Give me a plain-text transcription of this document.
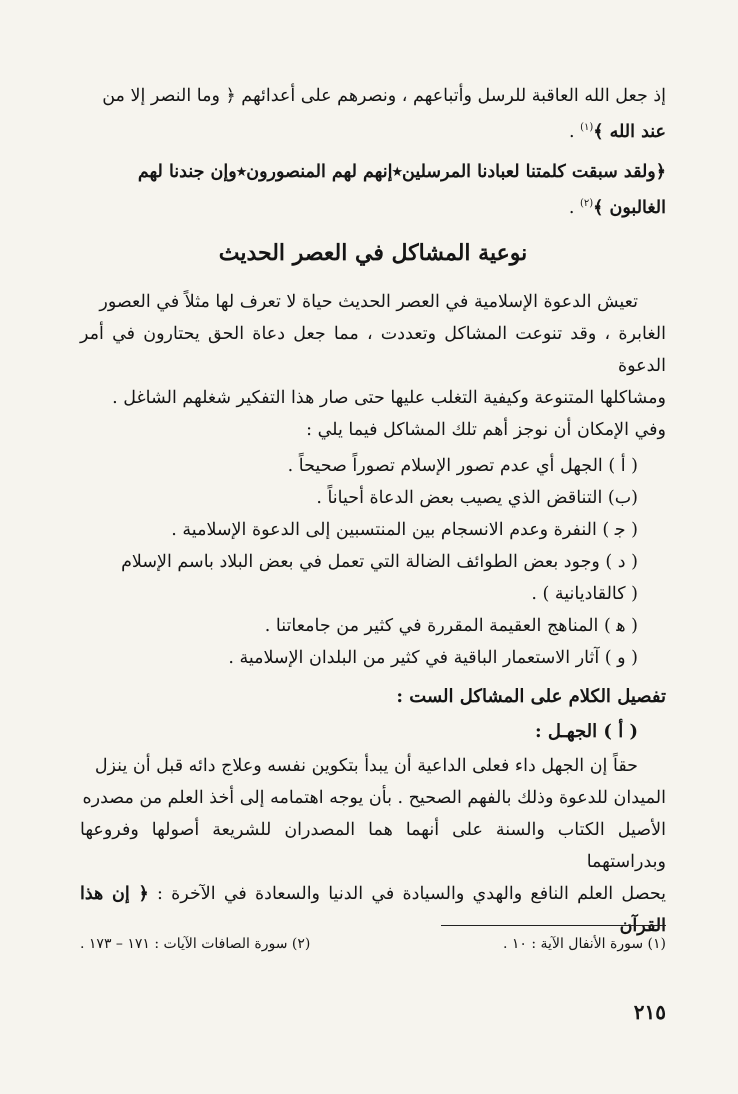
إذ جعل الله العاقبة للرسل وأتباعهم ، ونصرهم على أعدائهم ﴿ وما النصر إلا من

عند الله ﴾$^{(١)}$ .

﴿ولقد سبقت كلمتنا لعبادنا المرسلين٭إنهم لهم المنصورون٭وإن جندنا لهم

الغالبون ﴾$^{(٢)}$ .

نوعية المشاكل في العصر الحديث

تعيش الدعوة الإسلامية في العصر الحديث حياة لا تعرف لها مثلاً في العصور

الغابرة ، وقد تنوعت المشاكل وتعددت ، مما جعل دعاة الحق يحتارون في أمر الدعوة

ومشاكلها المتنوعة وكيفية التغلب عليها حتى صار هذا التفكير شغلهم الشاغل .

وفي الإمكان أن نوجز أهم تلك المشاكل فيما يلي :

( أ ) الجهل أي عدم تصور الإسلام تصوراً صحيحاً .

(ب) التناقض الذي يصيب بعض الدعاة أحياناً .

( ﺟ ) النفرة وعدم الانسجام بين المنتسبين إلى الدعوة الإسلامية .

( د ) وجود بعض الطوائف الضالة التي تعمل في بعض البلاد باسم الإسلام

( كالقاديانية ) .

( ﻫ ) المناهج العقيمة المقررة في كثير من جامعاتنا .

( و ) آثار الاستعمار الباقية في كثير من البلدان الإسلامية .

تفصيل الكلام على المشاكل الست :

( أ ) الجهـل :

حقاً إن الجهل داء فعلى الداعية أن يبدأ بتكوين نفسه وعلاج دائه قبل أن ينزل

الميدان للدعوة وذلك بالفهم الصحيح . بأن يوجه اهتمامه إلى أخذ العلم من مصدره

الأصيل الكتاب والسنة على أنهما هما المصدران للشريعة أصولها وفروعها وبدراستهما

يحصل العلم النافع والهدي والسيادة في الدنيا والسعادة في الآخرة : ﴿ إن هذا القرآن

(١) سورة الأنفال الآية : ١٠ .
(٢) سورة الصافات الآيات : ١٧١ – ١٧٣ .
٢١٥
